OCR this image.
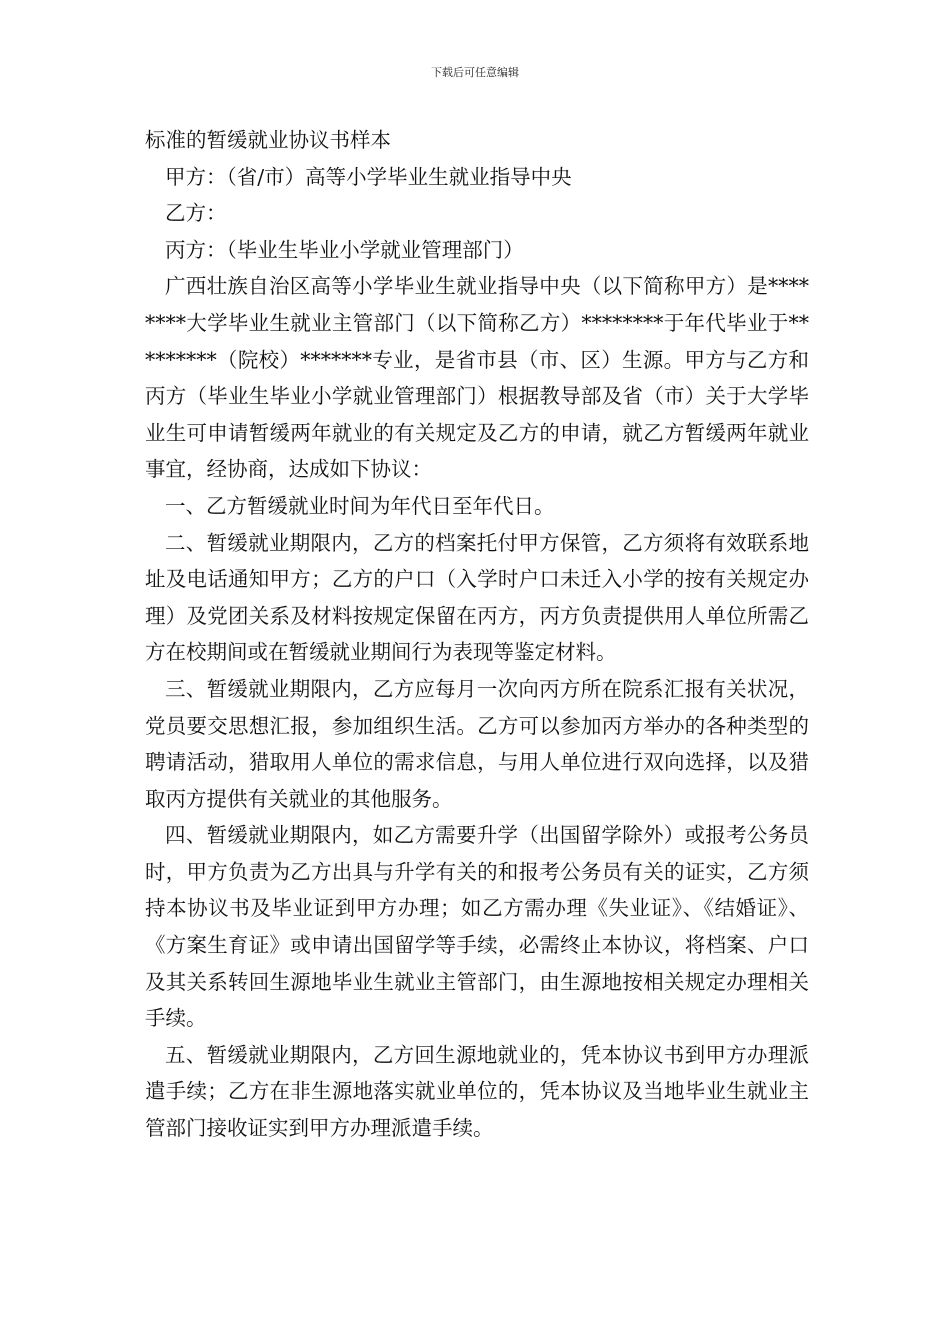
下载后可任意编辑
标准的暂缓就业协议书样本

甲方：（省/市）高等小学毕业生就业指导中央

乙方：

丙方：（毕业生毕业小学就业管理部门）

广西壮族自治区高等小学毕业生就业指导中央（以下简称甲方）是********大学毕业生就业主管部门（以下简称乙方）********于年代毕业于*********（院校）*******专业，是省市县（市、区）生源。甲方与乙方和丙方（毕业生毕业小学就业管理部门）根据教导部及省（市）关于大学毕业生可申请暂缓两年就业的有关规定及乙方的申请，就乙方暂缓两年就业事宜，经协商，达成如下协议：

一、乙方暂缓就业时间为年代日至年代日。

二、暂缓就业期限内，乙方的档案托付甲方保管，乙方须将有效联系地址及电话通知甲方；乙方的户口（入学时户口未迁入小学的按有关规定办理）及党团关系及材料按规定保留在丙方，丙方负责提供用人单位所需乙方在校期间或在暂缓就业期间行为表现等鉴定材料。

三、暂缓就业期限内，乙方应每月一次向丙方所在院系汇报有关状况，党员要交思想汇报，参加组织生活。乙方可以参加丙方举办的各种类型的聘请活动，猎取用人单位的需求信息，与用人单位进行双向选择，以及猎取丙方提供有关就业的其他服务。

四、暂缓就业期限内，如乙方需要升学（出国留学除外）或报考公务员时，甲方负责为乙方出具与升学有关的和报考公务员有关的证实，乙方须持本协议书及毕业证到甲方办理；如乙方需办理《失业证》、《结婚证》、《方案生育证》或申请出国留学等手续，必需终止本协议，将档案、户口及其关系转回生源地毕业生就业主管部门，由生源地按相关规定办理相关手续。

五、暂缓就业期限内，乙方回生源地就业的，凭本协议书到甲方办理派遣手续；乙方在非生源地落实就业单位的，凭本协议及当地毕业生就业主管部门接收证实到甲方办理派遣手续。
